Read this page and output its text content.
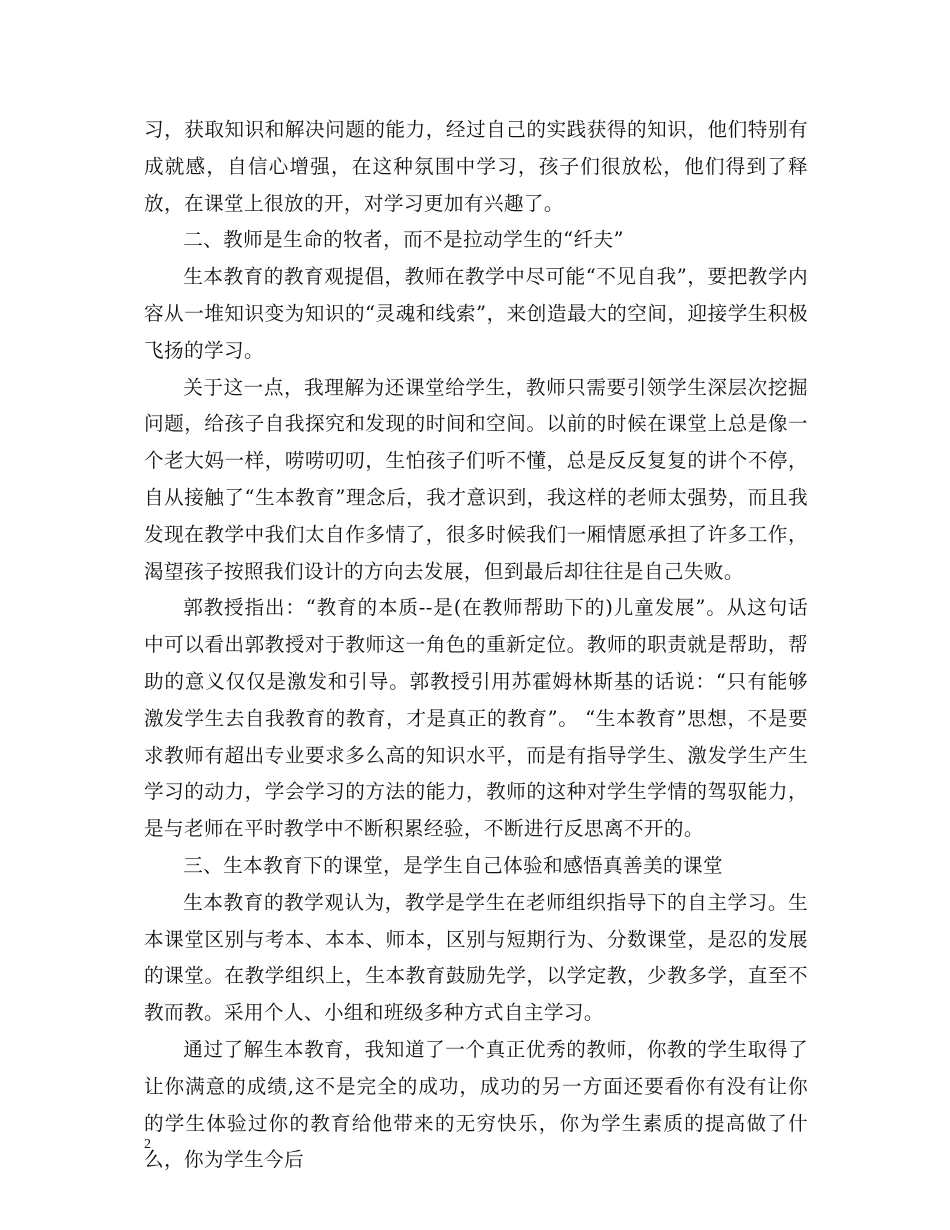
习，获取知识和解决问题的能力，经过自己的实践获得的知识，他们特别有成就感，自信心增强，在这种氛围中学习，孩子们很放松，他们得到了释放，在课堂上很放的开，对学习更加有兴趣了。

二、教师是生命的牧者，而不是拉动学生的“纤夫”

生本教育的教育观提倡，教师在教学中尽可能“不见自我”，要把教学内容从一堆知识变为知识的“灵魂和线索”，来创造最大的空间，迎接学生积极飞扬的学习。

关于这一点，我理解为还课堂给学生，教师只需要引领学生深层次挖掘问题，给孩子自我探究和发现的时间和空间。以前的时候在课堂上总是像一个老大妈一样，唠唠叨叨，生怕孩子们听不懂，总是反反复复的讲个不停，自从接触了“生本教育”理念后，我才意识到，我这样的老师太强势，而且我发现在教学中我们太自作多情了，很多时候我们一厢情愿承担了许多工作，渴望孩子按照我们设计的方向去发展，但到最后却往往是自己失败。

郭教授指出：“教育的本质--是(在教师帮助下的)儿童发展”。从这句话中可以看出郭教授对于教师这一角色的重新定位。教师的职责就是帮助，帮助的意义仅仅是激发和引导。郭教授引用苏霍姆林斯基的话说：“只有能够激发学生去自我教育的教育，才是真正的教育”。 “生本教育”思想，不是要求教师有超出专业要求多么高的知识水平，而是有指导学生、激发学生产生学习的动力，学会学习的方法的能力，教师的这种对学生学情的驾驭能力，是与老师在平时教学中不断积累经验，不断进行反思离不开的。

三、生本教育下的课堂，是学生自己体验和感悟真善美的课堂

生本教育的教学观认为，教学是学生在老师组织指导下的自主学习。生本课堂区别与考本、本本、师本，区别与短期行为、分数课堂，是忍的发展的课堂。在教学组织上，生本教育鼓励先学，以学定教，少教多学，直至不教而教。采用个人、小组和班级多种方式自主学习。

通过了解生本教育，我知道了一个真正优秀的教师，你教的学生取得了让你满意的成绩,这不是完全的成功，成功的另一方面还要看你有没有让你的学生体验过你的教育给他带来的无穷快乐，你为学生素质的提高做了什么，你为学生今后

2
